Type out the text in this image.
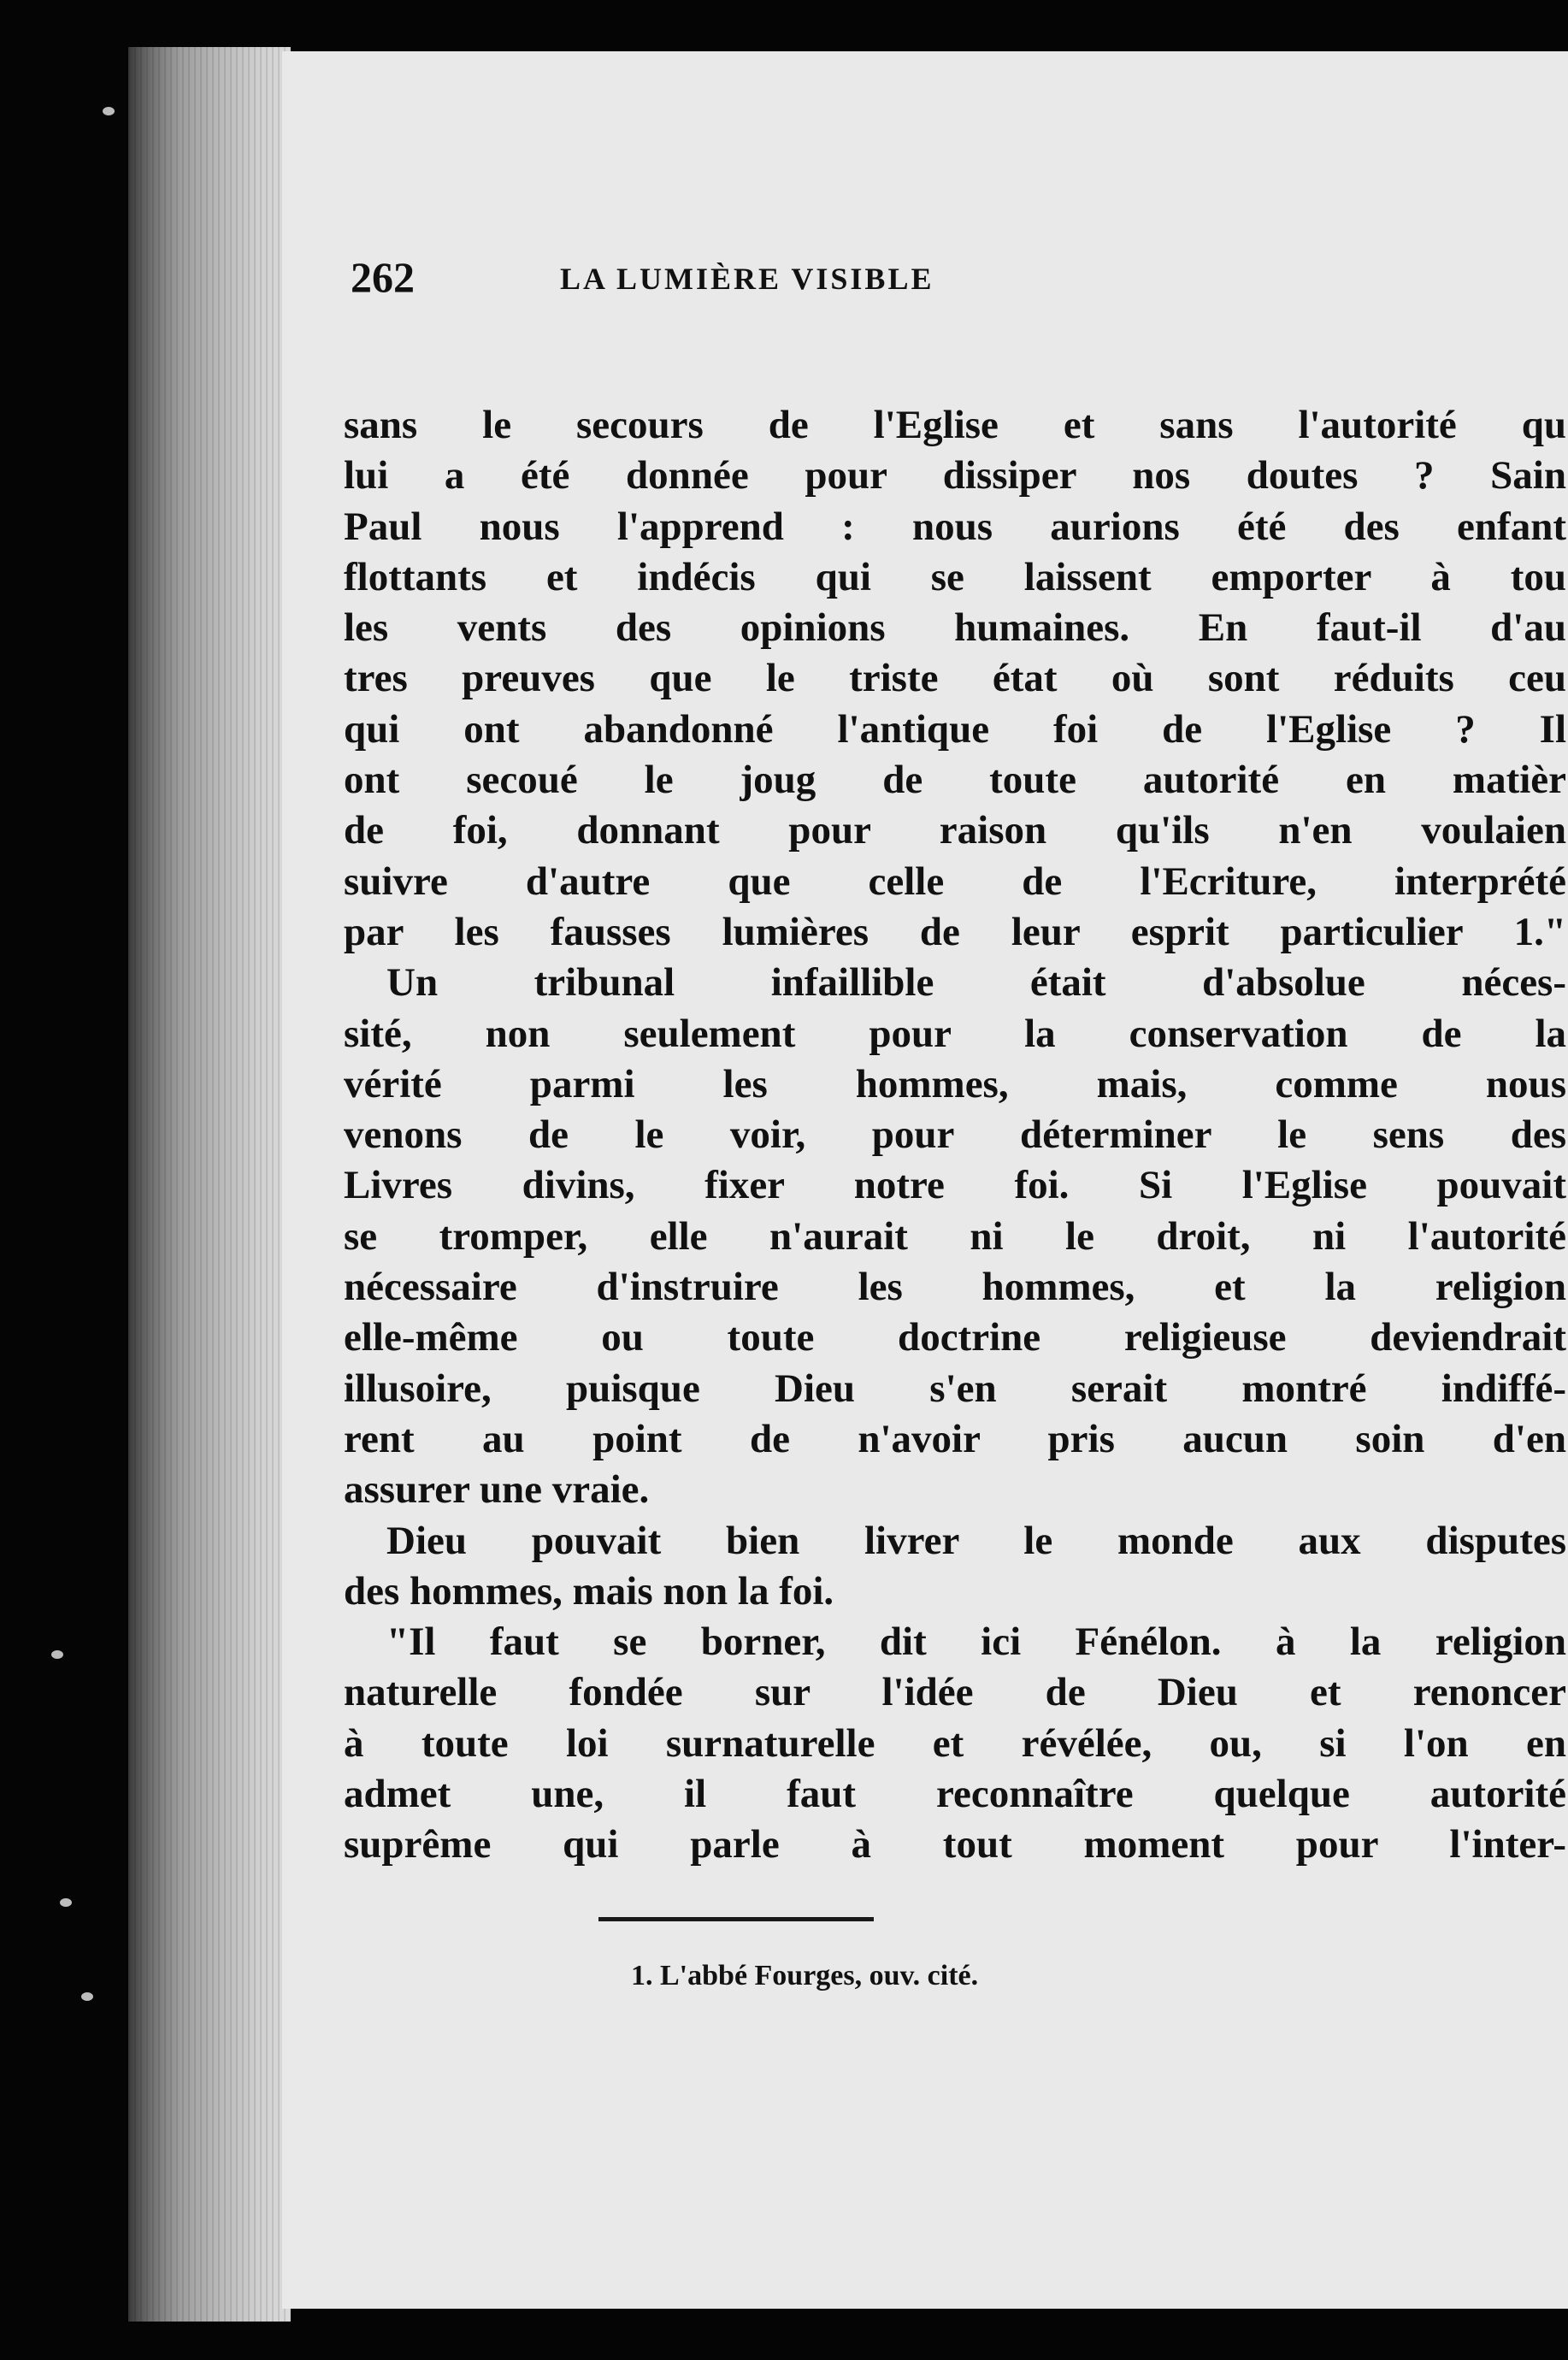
262	LA LUMIÈRE VISIBLE
sans le secours de l'Eglise et sans l'autorité qu
lui a été donnée pour dissiper nos doutes ? Sain
Paul nous l'apprend : nous aurions été des enfant
flottants et indécis qui se laissent emporter à tou
les vents des opinions humaines. En faut-il d'au
tres preuves que le triste état où sont réduits ceu
qui ont abandonné l'antique foi de l'Eglise ? Il
ont secoué le joug de toute autorité en matièr
de foi, donnant pour raison qu'ils n'en voulaien
suivre d'autre que celle de l'Ecriture, interprété
par les fausses lumières de leur esprit particulier 1."
Un tribunal infaillible était d'absolue néces-
sité, non seulement pour la conservation de la
vérité parmi les hommes, mais, comme nous
venons de le voir, pour déterminer le sens des
Livres divins, fixer notre foi. Si l'Eglise pouvait
se tromper, elle n'aurait ni le droit, ni l'autorité
nécessaire d'instruire les hommes, et la religion
elle-même ou toute doctrine religieuse deviendrait
illusoire, puisque Dieu s'en serait montré indiffé-
rent au point de n'avoir pris aucun soin d'en
assurer une vraie.
Dieu pouvait bien livrer le monde aux disputes
des hommes, mais non la foi.
"Il faut se borner, dit ici Fénélon. à la religion
naturelle fondée sur l'idée de Dieu et renoncer
à toute loi surnaturelle et révélée, ou, si l'on en
admet une, il faut reconnaître quelque autorité
suprême qui parle à tout moment pour l'inter-
1. L'abbé Fourges, ouv. cité.
